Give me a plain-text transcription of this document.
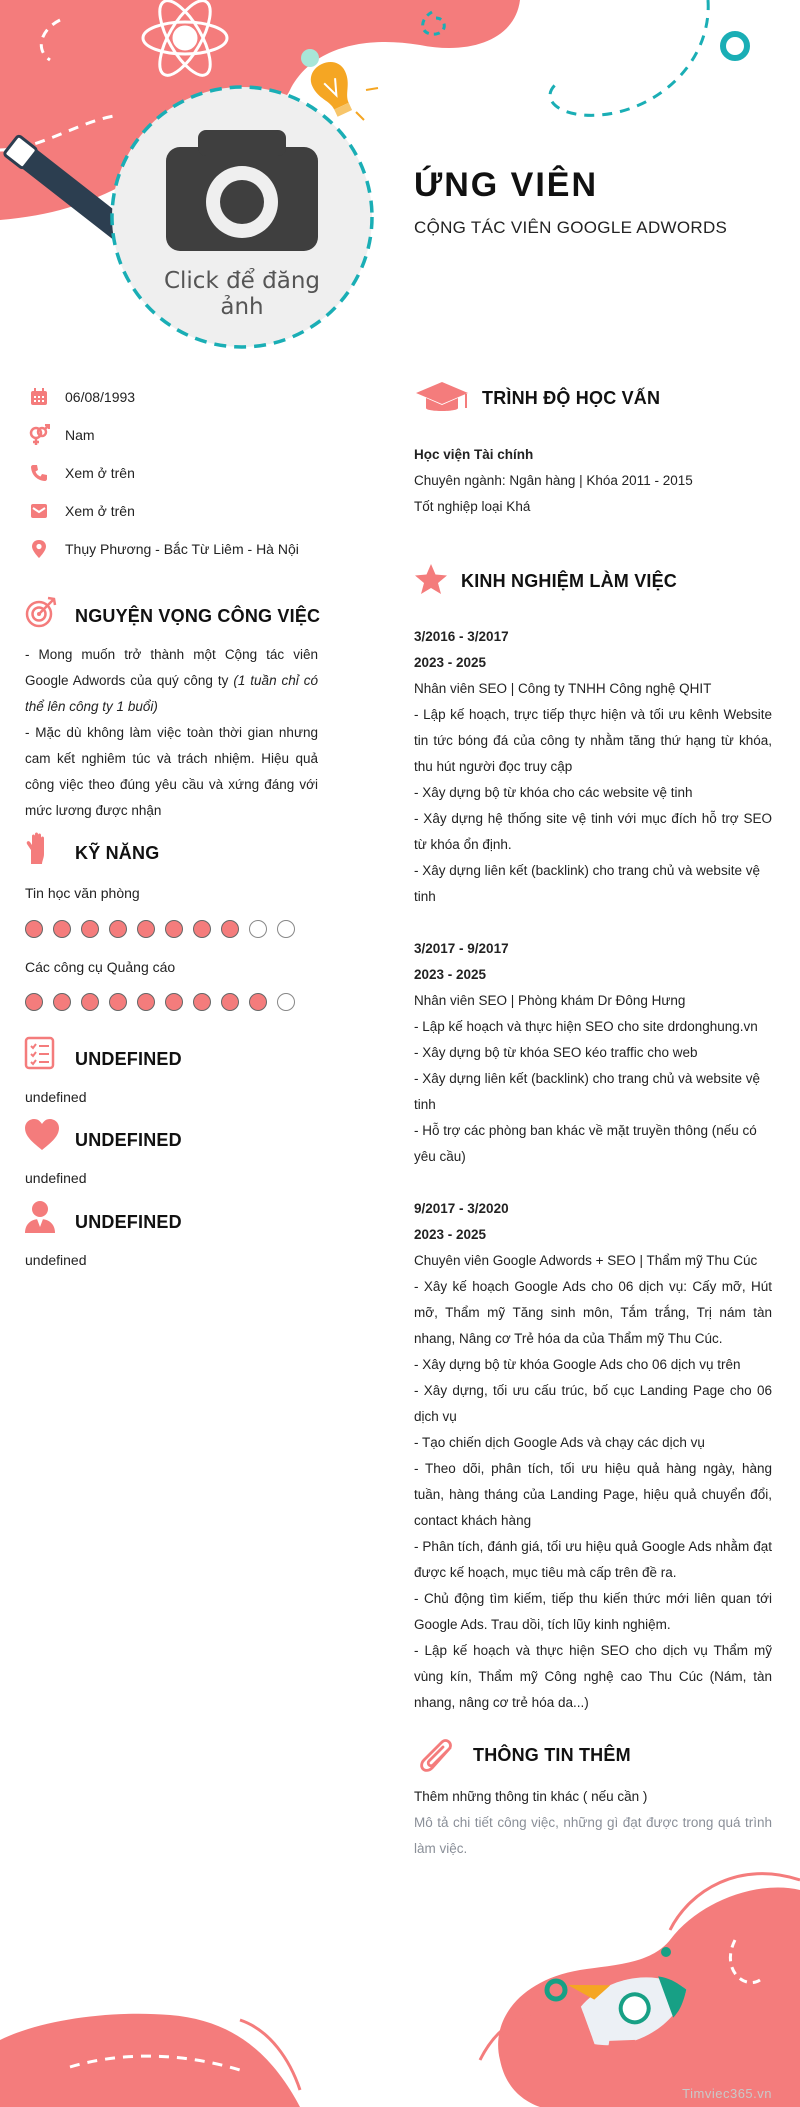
ỨNG VIÊN
CỘNG TÁC VIÊN GOOGLE ADWORDS
Click để đăng ảnh
06/08/1993
Nam
Xem ở trên
Xem ở trên
Thụy Phương - Bắc Từ Liêm - Hà Nội
NGUYỆN VỌNG CÔNG VIỆC
- Mong muốn trở thành một Cộng tác viên Google Adwords của quý công ty (1 tuần chỉ có thể lên công ty 1 buổi)
- Mặc dù không làm việc toàn thời gian nhưng cam kết nghiêm túc và trách nhiệm. Hiệu quả công việc theo đúng yêu cầu và xứng đáng với mức lương được nhận
KỸ NĂNG
Tin học văn phòng
Các công cụ Quảng cáo
UNDEFINED
undefined
UNDEFINED
undefined
UNDEFINED
undefined
TRÌNH ĐỘ HỌC VẤN
Học viện Tài chính
Chuyên ngành: Ngân hàng | Khóa 2011 - 2015
Tốt nghiệp loại Khá
KINH NGHIỆM LÀM VIỆC

3/2016 - 3/2017

2023 - 2025

Nhân viên SEO | Công ty TNHH Công nghệ QHIT

- Lập kế hoạch, trực tiếp thực hiện và tối ưu kênh Website tin tức bóng đá của công ty nhằm tăng thứ hạng từ khóa, thu hút người đọc truy cập

- Xây dựng bộ từ khóa cho các website vệ tinh

- Xây dựng hệ thống site vệ tinh với mục đích hỗ trợ SEO từ khóa ổn định.

- Xây dựng liên kết (backlink) cho trang chủ và website vệ tinh

3/2017 - 9/2017

2023 - 2025

Nhân viên SEO | Phòng khám Dr Đông Hưng

- Lập kế hoạch và thực hiện SEO cho site drdonghung.vn

- Xây dựng bộ từ khóa SEO kéo traffic cho web

- Xây dựng liên kết (backlink) cho trang chủ và website vệ tinh

- Hỗ trợ các phòng ban khác về mặt truyền thông (nếu có yêu cầu)

9/2017 - 3/2020

2023 - 2025

Chuyên viên Google Adwords + SEO | Thẩm mỹ Thu Cúc

- Xây kế hoạch Google Ads cho 06 dịch vụ: Cấy mỡ, Hút mỡ, Thẩm mỹ Tăng sinh môn, Tắm trắng, Trị nám tàn nhang, Nâng cơ Trẻ hóa da của Thẩm mỹ Thu Cúc.

- Xây dựng bộ từ khóa Google Ads cho 06 dịch vụ trên

- Xây dựng, tối ưu cấu trúc, bố cục Landing Page cho 06 dịch vụ

- Tạo chiến dịch Google Ads và chạy các dịch vụ

- Theo dõi, phân tích, tối ưu hiệu quả hàng ngày, hàng tuần, hàng tháng của Landing Page, hiệu quả chuyển đổi, contact khách hàng

- Phân tích, đánh giá, tối ưu hiệu quả Google Ads nhằm đạt được kế hoạch, mục tiêu mà cấp trên đề ra.

- Chủ động tìm kiếm, tiếp thu kiến thức mới liên quan tới Google Ads. Trau dồi, tích lũy kinh nghiệm.

- Lập kế hoạch và thực hiện SEO cho dịch vụ Thẩm mỹ vùng kín, Thẩm mỹ Công nghệ cao Thu Cúc (Nám, tàn nhang, nâng cơ trẻ hóa da...)

THÔNG TIN THÊM
Thêm những thông tin khác ( nếu cần )
Mô tả chi tiết công việc, những gì đạt được trong quá trình làm việc.
Timviec365.vn
